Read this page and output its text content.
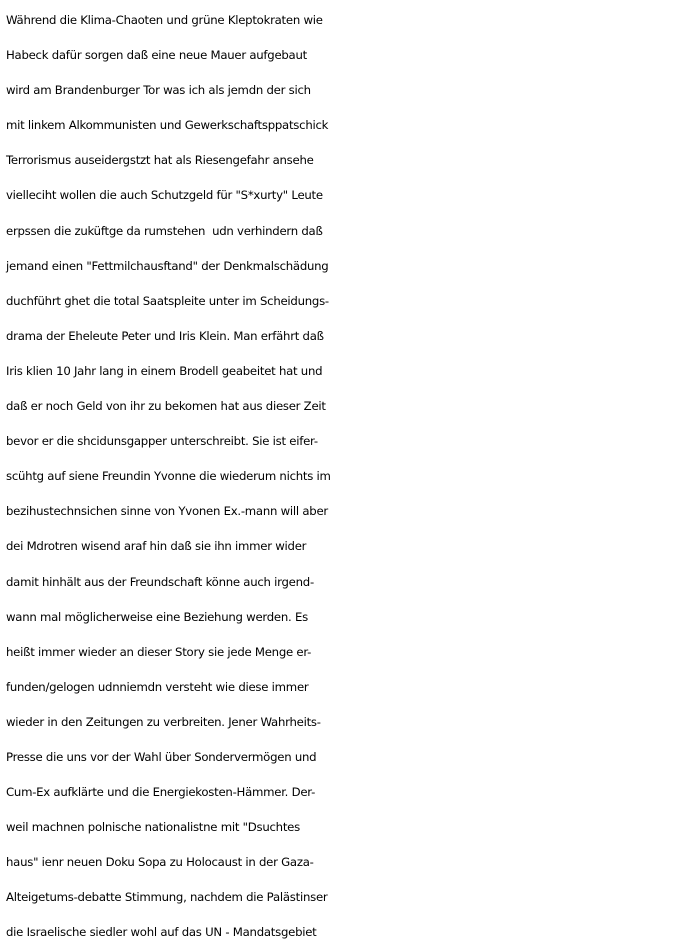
Während die Klima-Chaoten und grüne Kleptokraten wie
Habeck dafür sorgen daß eine neue Mauer aufgebaut
wird am Brandenburger Tor was ich als jemdn der sich
mit linkem Alkommunisten und Gewerkschaftsppatschick
Terrorismus auseidergstzt hat als Riesengefahr ansehe
vielleciht wollen die auch Schutzgeld für "S*xurty" Leute
erpssen die zuküftge da rumstehen  udn verhindern daß
jemand einen "Fettmilchausftand" der Denkmalschädung
duchführt ghet die total Saatspleite unter im Scheidungs-
drama der Eheleute Peter und Iris Klein. Man erfährt daß
Iris klien 10 Jahr lang in einem Brodell geabeitet hat und
daß er noch Geld von ihr zu bekomen hat aus dieser Zeit
bevor er die shcidunsgapper unterschreibt. Sie ist eifer-
scühtg auf siene Freundin Yvonne die wiederum nichts im
bezihustechnsichen sinne von Yvonen Ex.-mann will aber
dei Mdrotren wisend araf hin daß sie ihn immer wider
damit hinhält aus der Freundschaft könne auch irgend-
wann mal möglicherweise eine Beziehung werden. Es
heißt immer wieder an dieser Story sie jede Menge er-
funden/gelogen udnniemdn versteht wie diese immer
wieder in den Zeitungen zu verbreiten. Jener Wahrheits-
Presse die uns vor der Wahl über Sondervermögen und
Cum-Ex aufklärte und die Energiekosten-Hämmer. Der-
weil machnen polnische nationalistne mit "Dsuchtes
haus" ienr neuen Doku Sopa zu Holocaust in der Gaza-
Alteigetums-debatte Stimmung, nachdem die Palästinser
die Israelische siedler wohl auf das UN - Mandatsgebiet
